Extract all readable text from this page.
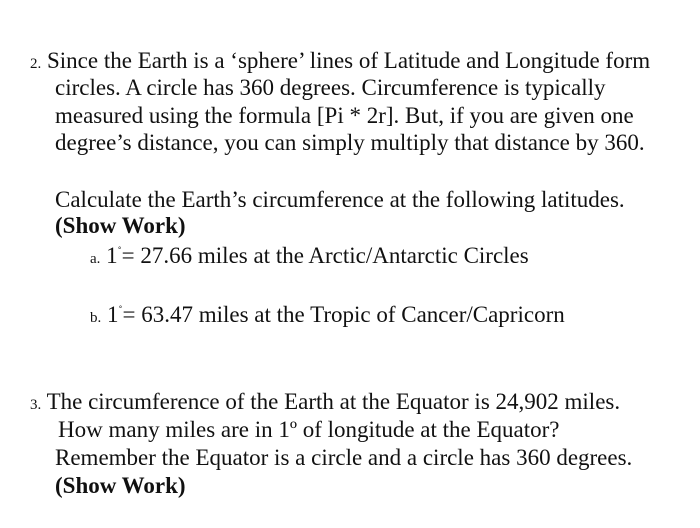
2. Since the Earth is a ‘sphere’ lines of Latitude and Longitude form
circles. A circle has 360 degrees. Circumference is typically
measured using the formula [Pi * 2r]. But, if you are given one
degree’s distance, you can simply multiply that distance by 360.
Calculate the Earth’s circumference at the following latitudes.
(Show Work)
a. 1˚= 27.66 miles at the Arctic/Antarctic Circles
b. 1˚= 63.47 miles at the Tropic of Cancer/Capricorn
3. The circumference of the Earth at the Equator is 24,902 miles.
How many miles are in 1º of longitude at the Equator?
Remember the Equator is a circle and a circle has 360 degrees.
(Show Work)
